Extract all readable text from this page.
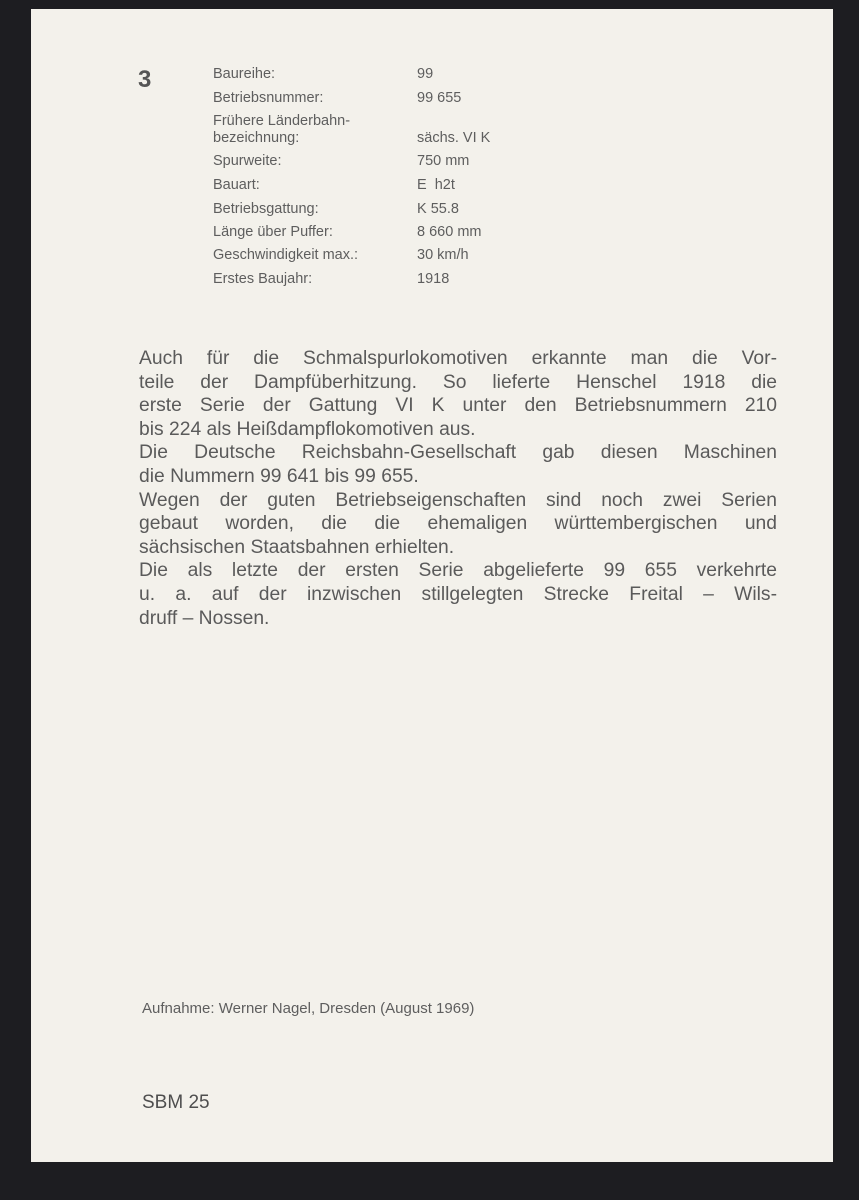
3	Baureihe:	99
Betriebsnummer:	99 655
Frühere Länderbahn-
bezeichnung:	sächs. VI K
Spurweite:	750 mm
Bauart:	E  h2t
Betriebsgattung:	K 55.8
Länge über Puffer:	8 660 mm
Geschwindigkeit max.:	30 km/h
Erstes Baujahr:	1918
Auch für die Schmalspurlokomotiven erkannte man die Vor-
teile der Dampfüberhitzung. So lieferte Henschel 1918 die
erste Serie der Gattung VI K unter den Betriebsnummern 210
bis 224 als Heißdampflokomotiven aus.
Die Deutsche Reichsbahn-Gesellschaft gab diesen Maschinen
die Nummern 99 641 bis 99 655.
Wegen der guten Betriebseigenschaften sind noch zwei Serien
gebaut worden, die die ehemaligen württembergischen und
sächsischen Staatsbahnen erhielten.
Die als letzte der ersten Serie abgelieferte 99 655 verkehrte
u. a. auf der inzwischen stillgelegten Strecke Freital – Wils-
druff – Nossen.
Aufnahme: Werner Nagel, Dresden (August 1969)
SBM 25
